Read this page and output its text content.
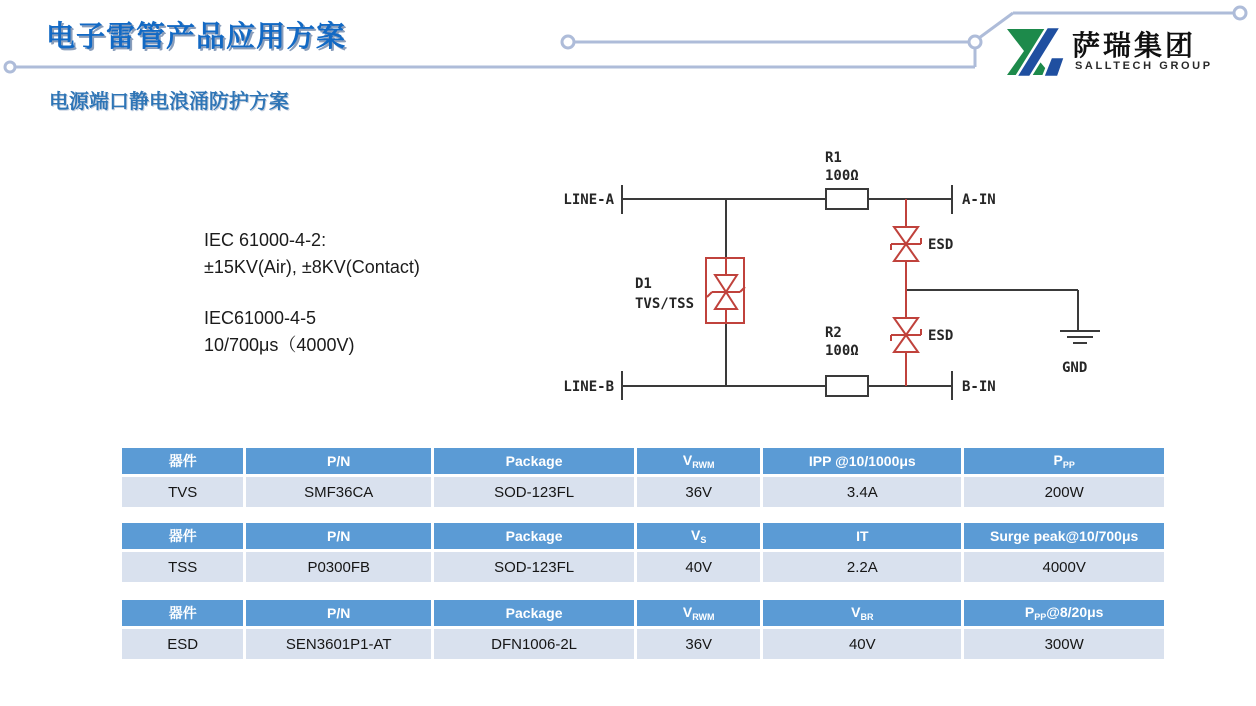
电子雷管产品应用方案
电源端口静电浪涌防护方案
萨瑞集团
SALLTECH GROUP
IEC 61000-4-2:
±15KV(Air), ±8KV(Contact)
IEC61000-4-5
10/700μs（4000V)
LINE-A
LINE-B
A-IN
B-IN
R1
100Ω
R2
100Ω
D1
TVS/TSS
ESD
ESD
GND
器件	P/N	Package	$V_{RWM}$	IPP @10/1000μs	$P_{PP}$
TVS	SMF36CA	SOD-123FL	36V	3.4A	200W
器件	P/N	Package	$V_S$	IT	Surge peak@10/700μs
TSS	P0300FB	SOD-123FL	40V	2.2A	4000V
器件	P/N	Package	$V_{RWM}$	$V_{BR}$	$P_{PP}@8/20\mu s$
ESD	SEN3601P1-AT	DFN1006-2L	36V	40V	300W
